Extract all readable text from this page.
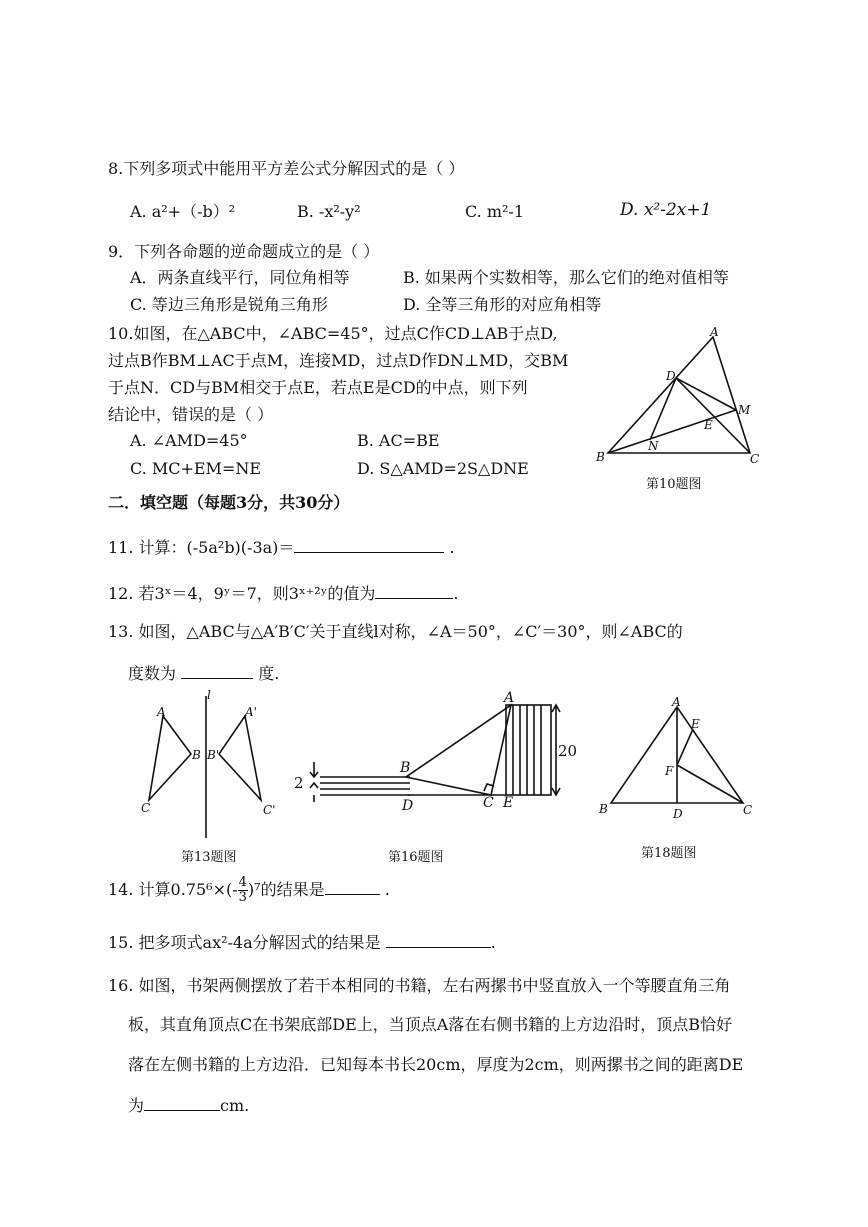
8.下列多项式中能用平方差公式分解因式的是（ ）
A. a²+（-b）²	B. -x²-y²	C. m²-1	D. x²-2x+1
9．下列各命题的逆命题成立的是（ ）
A．两条直线平行，同位角相等	B. 如果两个实数相等，那么它们的绝对值相等
C. 等边三角形是锐角三角形	D. 全等三角形的对应角相等
10.如图，在△ABC中，∠ABC=45°，过点C作CD⊥AB于点D,
过点B作BM⊥AC于点M，连接MD，过点D作DN⊥MD，交BM
于点N．CD与BM相交于点E，若点E是CD的中点，则下列
结论中，错误的是（ ）
A. ∠AMD=45°	B. AC=BE
C. MC+EM=NE	D. S△AMD=2S△DNE
A
D
M
E
N
B	C
第10题图
二．填空题（每题3分，共30分）
11. 计算：(-5a²b)(-3a)＝	.
12. 若3ˣ＝4，9ʸ＝7，则3ˣ⁺²ʸ的值为	.
13. 如图，△ABC与△A′B′C′关于直线l对称，∠A＝50°，∠C′＝30°，则∠ABC的
度数为	度.
l
A
B B'
A'
C	C'
第13题图
2
20
A
B
D	C E
第16题图
A
E
F
B	D	C
第18题图
14. 计算$0.75^6\times(- \frac{4}{3} )^7$的结果是	.
15. 把多项式ax²-4a分解因式的结果是	.
16. 如图，书架两侧摆放了若干本相同的书籍，左右两摞书中竖直放入一个等腰直角三角
板，其直角顶点C在书架底部DE上，当顶点A落在右侧书籍的上方边沿时，顶点B恰好
落在左侧书籍的上方边沿．已知每本书长20cm，厚度为2cm，则两摞书之间的距离DE
为	cm.
